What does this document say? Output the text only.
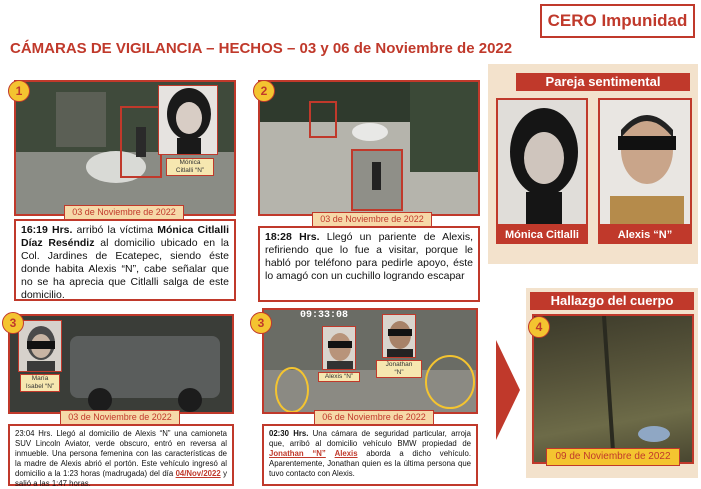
CERO Impunidad
CÁMARAS DE VIGILANCIA – HECHOS – 03 y 06 de Noviembre de 2022
1
Mónica
Citlalli “N”
03 de Noviembre de 2022
16:19 Hrs. arribó la víctima Mónica Citlalli Díaz Reséndiz al domicilio ubicado en la Col. Jardines de Ecatepec, siendo éste donde habita Alexis “N”, cabe señalar que no se ha aprecia que Citlalli salga de este domicilio.
2
03 de Noviembre de 2022
18:28 Hrs. Llegó un pariente de Alexis, refiriendo que lo fue a visitar, porque le habló por teléfono para pedirle apoyo, éste lo amagó con un cuchillo logrando escapar
Pareja sentimental
Mónica Citlalli	Alexis “N”
3
María
Isabel “N”
03 de Noviembre de 2022
23:04 Hrs. Llegó al domicilio de Alexis “N” una camioneta SUV Lincoln Aviator, verde obscuro, entró en reversa al inmueble. Una persona femenina con las características de la madre de Alexis abrió el portón. Este vehículo ingresó al domicilio a la 1:23 horas (madrugada) del día 04/Nov/2022 y salió a las 1:47 horas.
3
09:33:08
Alexis “N”
Jonathan
“N”
06 de Noviembre de 2022
02:30 Hrs. Una cámara de seguridad particular, arroja que, arribó al domicilio vehículo BMW propiedad de Jonathan “N” Alexis aborda a dicho vehículo. Aparentemente, Jonathan quien es la última persona que tuvo contacto con Alexis.
Hallazgo del cuerpo
4
09 de Noviembre de 2022
